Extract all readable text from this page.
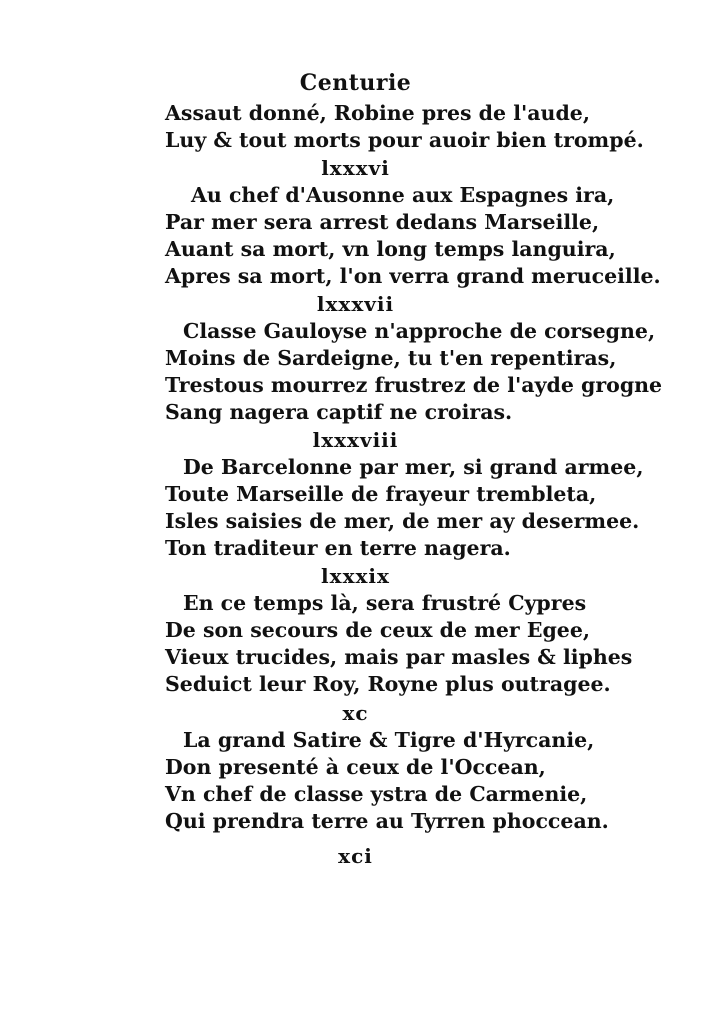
Centurie
Assaut donné, Robine pres de l'aude,
Luy & tout morts pour auoir bien trompé.
lxxxvi
Au chef d'Ausonne aux Espagnes ira,
Par mer sera arrest dedans Marseille,
Auant sa mort, vn long temps languira,
Apres sa mort, l'on verra grand meruceille.
lxxxvii
Classe Gauloyse n'approche de corsegne,
Moins de Sardeigne, tu t'en repentiras,
Trestous mourrez frustrez de l'ayde grogne
Sang nagera captif ne croiras.
lxxxviii
De Barcelonne par mer, si grand armee,
Toute Marseille de frayeur trembleta,
Isles saisies de mer, de mer ay desermee.
Ton traditeur en terre nagera.
lxxxix
En ce temps là, sera frustré Cypres
De son secours de ceux de mer Egee,
Vieux trucides, mais par masles & liphes
Seduict leur Roy, Royne plus outragee.
xc
La grand Satire & Tigre d'Hyrcanie,
Don presenté à ceux de l'Occean,
Vn chef de classe ystra de Carmenie,
Qui prendra terre au Tyrren phoccean.
xci
